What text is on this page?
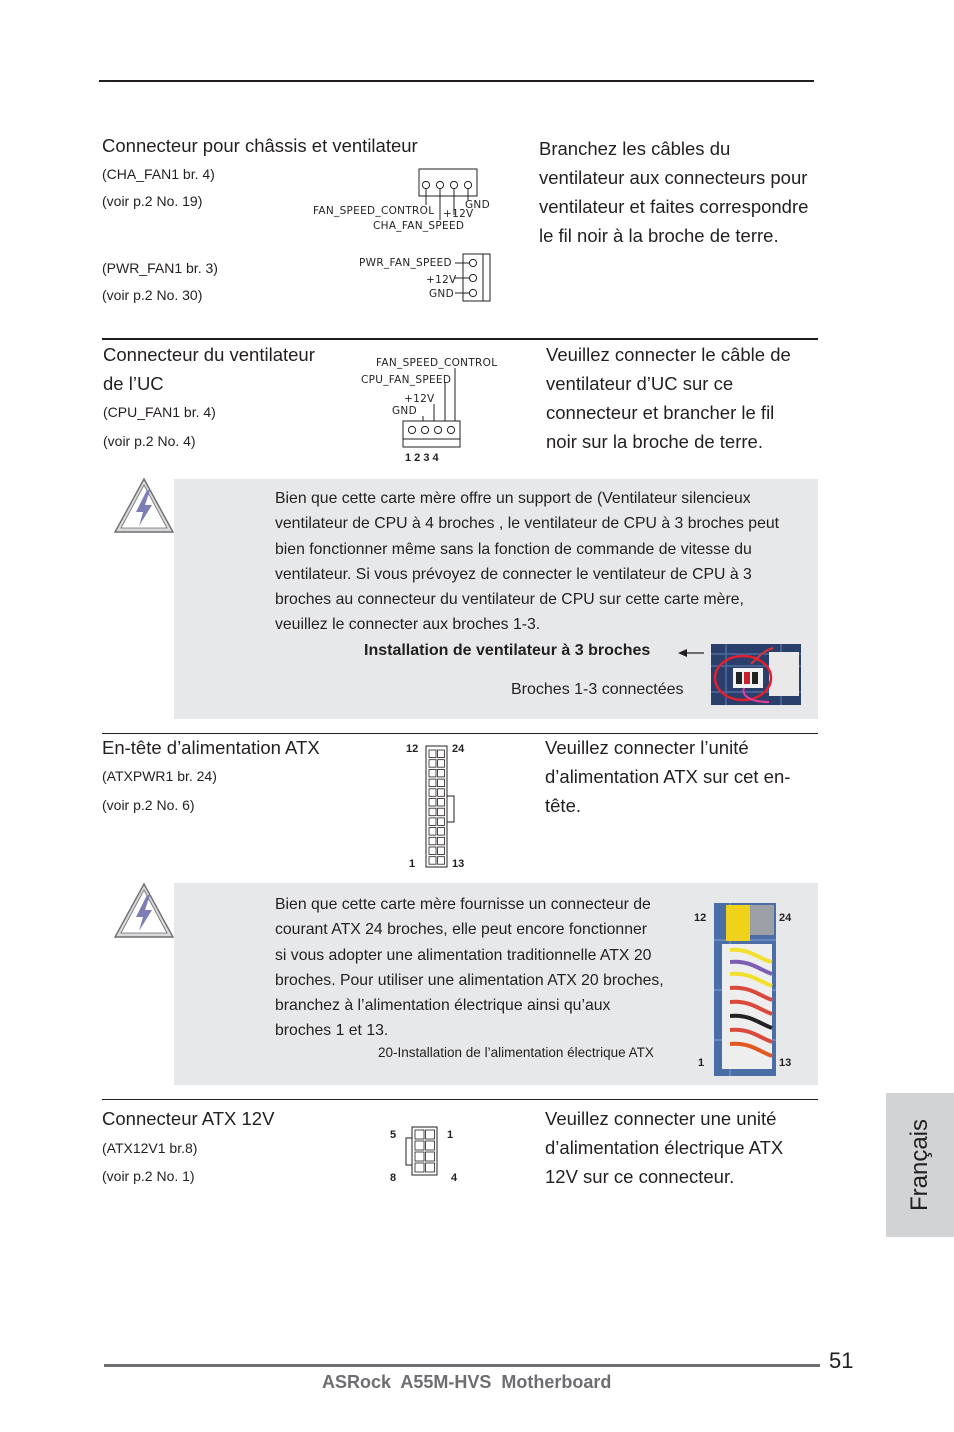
Connecteur pour châssis et ventilateur
(CHA_FAN1 br. 4)
(voir p.2 No. 19)
(PWR_FAN1 br. 3)
(voir p.2 No. 30)
FAN_SPEED_CONTROL +12V
GND
CHA_FAN_SPEED
PWR_FAN_SPEED
+12V
GND
Branchez les câbles du
ventilateur aux connecteurs pour
ventilateur et faites correspondre
le fil noir à la broche de terre.
Connecteur du ventilateur
de l’UC
(CPU_FAN1 br. 4)
(voir p.2 No. 4)
FAN_SPEED_CONTROL
CPU_FAN_SPEED
+12V
GND
1 2 3 4
Veuillez connecter le câble de
ventilateur d’UC sur ce
connecteur et brancher le fil
noir sur la broche de terre.
Bien que cette carte mère offre un support de (Ventilateur silencieux
ventilateur de CPU à 4 broches , le ventilateur de CPU à 3 broches peut
bien fonctionner même sans la fonction de commande de vitesse du
ventilateur. Si vous prévoyez de connecter le ventilateur de CPU à 3
broches au connecteur du ventilateur de CPU sur cette carte mère,
veuillez le connecter aux broches 1-3.
Installation de ventilateur à 3 broches
Broches 1-3 connectées
En-tête d’alimentation ATX
(ATXPWR1 br. 24)
(voir p.2 No. 6)
12	24
1	13
Veuillez connecter l’unité
d’alimentation ATX sur cet en-
tête.
Bien que cette carte mère fournisse un connecteur de
courant ATX 24 broches, elle peut encore fonctionner
si vous adopter une alimentation traditionnelle ATX 20
broches. Pour utiliser une alimentation ATX 20 broches,
branchez à l’alimentation électrique ainsi qu’aux
broches 1 et 13.
20-Installation de l’alimentation électrique ATX
12	24
1	13
Connecteur ATX 12V
(ATX12V1 br.8)
(voir p.2 No. 1)
5	1
8	4
Veuillez connecter une unité
d’alimentation électrique ATX
12V sur ce connecteur.	Français
51
ASRock  A55M-HVS  Motherboard
